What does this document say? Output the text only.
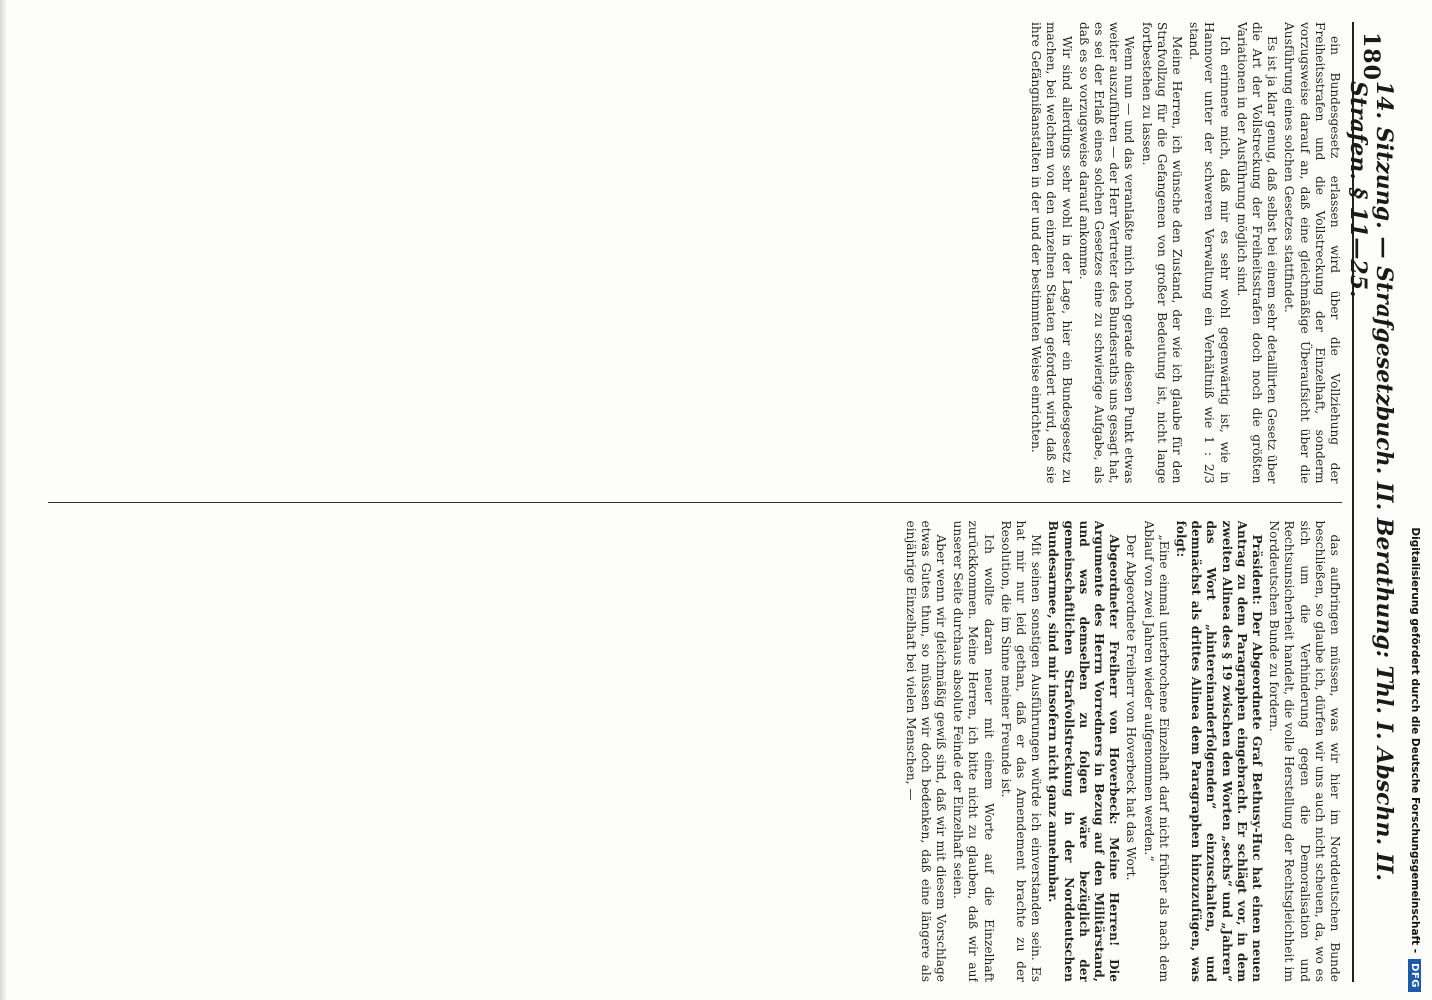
180
14. Sitzung. — Strafgesetzbuch. II. Berathung: Thl. I. Abschn. II. Strafen. § 11—25.

ein Bundesgesetz erlassen wird über die Vollziehung der Freiheitsstrafen und die Vollstreckung der Einzelhaft, sonderm vorzugsweise darauf an, daß eine gleichmäßige Überaufsicht über die Ausführung eines solchen Gesetzes stattfindet.

Es ist ja klar genug, daß selbst bei einem sehr detaillirten Gesetz über die Art der Vollstreckung der Freiheitsstrafen doch noch die größten Variationen in der Ausführung möglich sind.

Ich erinnere mich, daß mir es sehr wohl gegenwärtig ist, wie in Hannover unter der schweren Verwaltung ein Verhältniß wie 1 : 2/3 stand.

Meine Herren, ich wünsche den Zustand, der wie ich glaube für den Strafvollzug für die Gefangenen von großer Bedeutung ist, nicht lange fortbestehen zu lassen.

Wenn nun — und das veranlaßte mich noch gerade diesen Punkt etwas weiter auszuführen — der Herr Vertreter des Bundesraths uns gesagt hat, es sei der Erlaß eines solchen Gesetzes eine zu schwierige Aufgabe, als daß es so vorzugsweise darauf ankomme.

Wir sind allerdings sehr wohl in der Lage, hier ein Bundesgesetz zu machen, bei welchem von den einzelnen Staaten gefordert wird, daß sie ihre Gefängnißanstalten in der und der bestimmten Weise einrichten.

das aufbringen müssen, was wir hier im Norddeutschen Bunde beschließen, so glaube ich, dürfen wir uns auch nicht scheuen, da, wo es sich um die Verhinderung gegen die Demoralisation und Rechtsunsicherheit handelt, die volle Herstellung der Rechtsgleichheit im Norddeutschen Bunde zu fordern.

Präsident: Der Abgeordnete Graf Bethusy-Huc hat einen neuen Antrag zu dem Paragraphen eingebracht. Er schlägt vor, in dem zweiten Alinea des § 19 zwischen den Worten „sechs“ und „Jahren“ das Wort „hintereinanderfolgenden“ einzuschalten, und demnächst als drittes Alinea dem Paragraphen hinzuzufügen, was folgt:

„Eine einmal unterbrochene Einzelhaft darf nicht früher als nach dem Ablauf von zwei Jahren wieder aufgenommen werden.“

Der Abgeordnete Freiherr von Hoverbeck hat das Wort.

Abgeordneter Freiherr von Hoverbeck: Meine Herren! Die Argumente des Herrn Vorredners in Bezug auf den Militärstand, und was demselben zu folgen wäre bezüglich der gemeinschaftlichen Strafvollstreckung in der Norddeutschen Bundesarmee, sind mir insofern nicht ganz annehmbar.

Mit seinen sonstigen Ausführungen würde ich einverstanden sein. Es hat mir nur leid gethan, daß er das Amendement brachte zu der Resolution, die im Sinne meiner Freunde ist.

Ich wollte daran neuer mit einem Worte auf die Einzelhaft zurückkommen. Meine Herren, ich bitte nicht zu glauben, daß wir auf unserer Seite durchaus absolute Feinde der Einzelhaft seien.

Aber wenn wir gleichmäßig gewiß sind, daß wir mit diesem Vorschlage etwas Gutes thun, so müssen wir doch bedenken, daß eine längere als einjährige Einzelhaft bei vielen Menschen, —	Digitalisierung gefördert durch die Deutsche Forschungsgemeinschaft -
DFG
